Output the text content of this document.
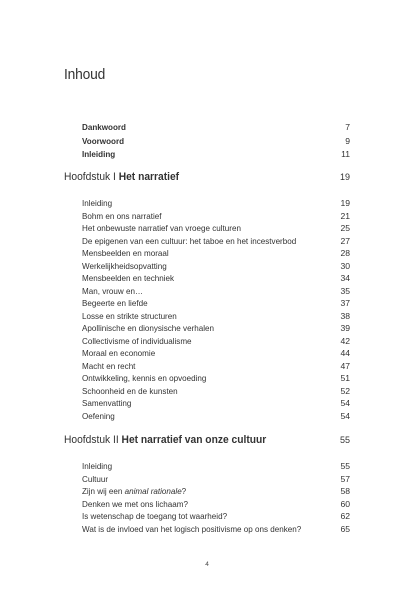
Inhoud
Dankwoord	7
Voorwoord	9
Inleiding	11
Hoofdstuk I Het narratief	19
Inleiding	19
Bohm en ons narratief	21
Het onbewuste narratief van vroege culturen	25
De epigenen van een cultuur: het taboe en het incestverbod	27
Mensbeelden en moraal	28
Werkelijkheidsopvatting	30
Mensbeelden en techniek	34
Man, vrouw en…	35
Begeerte en liefde	37
Losse en strikte structuren	38
Apollinische en dionysische verhalen	39
Collectivisme of individualisme	42
Moraal en economie	44
Macht en recht	47
Ontwikkeling, kennis en opvoeding	51
Schoonheid en de kunsten	52
Samenvatting	54
Oefening	54
Hoofdstuk II Het narratief van onze cultuur	55
Inleiding	55
Cultuur	57
Zijn wij een animal rationale?	58
Denken we met ons lichaam?	60
Is wetenschap de toegang tot waarheid?	62
Wat is de invloed van het logisch positivisme op ons denken?	65
4
